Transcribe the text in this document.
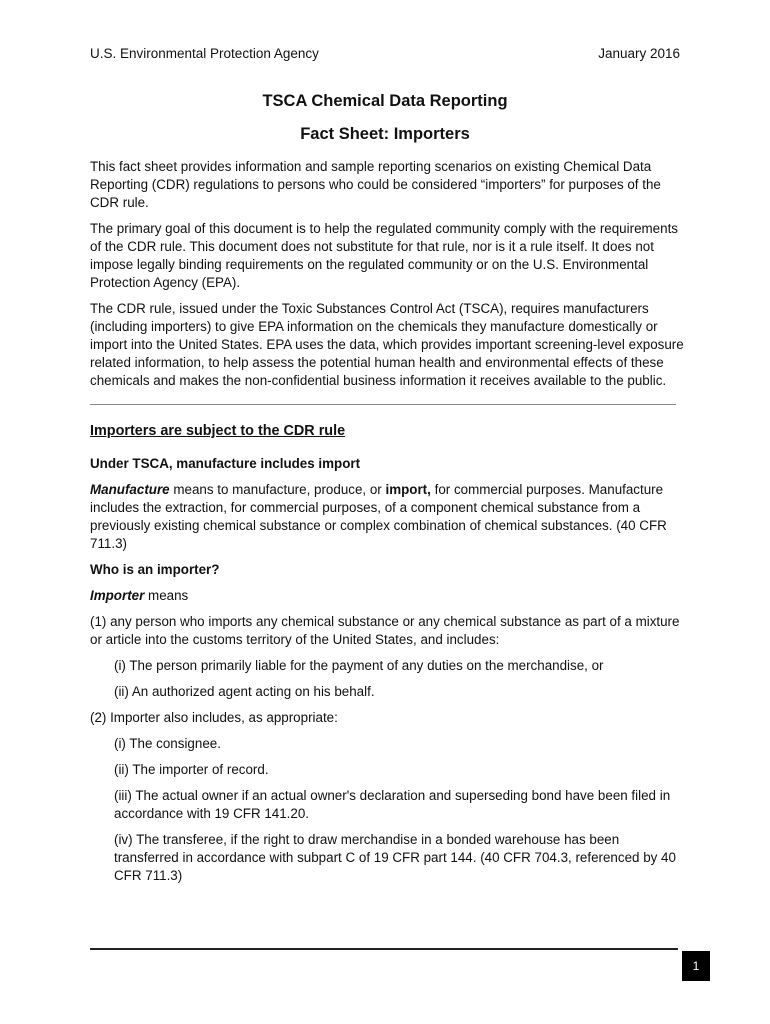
U.S. Environmental Protection Agency	January 2016
TSCA Chemical Data Reporting
Fact Sheet: Importers

This fact sheet provides information and sample reporting scenarios on existing Chemical Data Reporting (CDR) regulations to persons who could be considered “importers” for purposes of the CDR rule.

The primary goal of this document is to help the regulated community comply with the requirements of the CDR rule. This document does not substitute for that rule, nor is it a rule itself. It does not impose legally binding requirements on the regulated community or on the U.S. Environmental Protection Agency (EPA).

The CDR rule, issued under the Toxic Substances Control Act (TSCA), requires manufacturers (including importers) to give EPA information on the chemicals they manufacture domestically or import into the United States. EPA uses the data, which provides important screening-level exposure related information, to help assess the potential human health and environmental effects of these chemicals and makes the non-confidential business information it receives available to the public.

Importers are subject to the CDR rule

Under TSCA, manufacture includes import

Manufacture means to manufacture, produce, or import, for commercial purposes. Manufacture includes the extraction, for commercial purposes, of a component chemical substance from a previously existing chemical substance or complex combination of chemical substances. (40 CFR 711.3)

Who is an importer?

Importer means

(1) any person who imports any chemical substance or any chemical substance as part of a mixture or article into the customs territory of the United States, and includes:

(i) The person primarily liable for the payment of any duties on the merchandise, or

(ii) An authorized agent acting on his behalf.

(2) Importer also includes, as appropriate:

(i) The consignee.

(ii) The importer of record.

(iii) The actual owner if an actual owner's declaration and superseding bond have been filed in accordance with 19 CFR 141.20.

(iv) The transferee, if the right to draw merchandise in a bonded warehouse has been transferred in accordance with subpart C of 19 CFR part 144. (40 CFR 704.3, referenced by 40 CFR 711.3)

1
